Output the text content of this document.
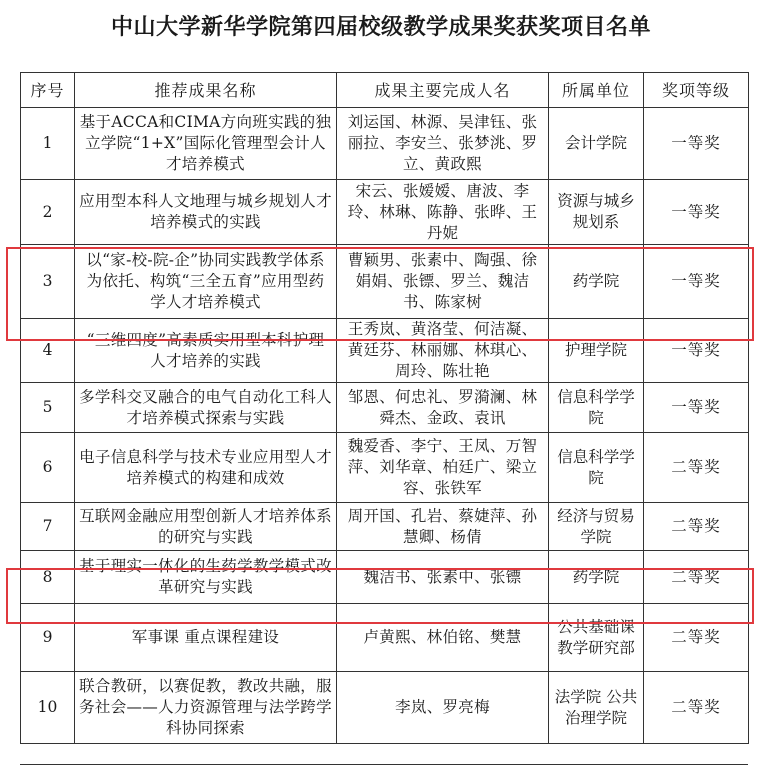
中山大学新华学院第四届校级教学成果奖获奖项目名单
序号	推荐成果名称	成果主要完成人名	所属单位	奖项等级
1	基于ACCA和CIMA方向班实践的独立学院“1+X”国际化管理型会计人才培养模式	刘运国、林源、吴津钰、张丽拉、李安兰、张梦洮、罗立、黄政熙	会计学院	一等奖
2	应用型本科人文地理与城乡规划人才培养模式的实践	宋云、张嫒嫒、唐波、李玲、林琳、陈静、张晔、王丹妮	资源与城乡规划系	一等奖
3	以“家-校-院-企”协同实践教学体系为依托、构筑“三全五育”应用型药学人才培养模式	曹颖男、张素中、陶强、徐娟娟、张镖、罗兰、魏洁书、陈家树	药学院	一等奖
4	“三维四度”高素质实用型本科护理人才培养的实践	王秀岚、黄洛莹、何洁凝、黄廷芬、林丽娜、林琪心、周玲、陈壮艳	护理学院	一等奖
5	多学科交叉融合的电气自动化工科人才培养模式探索与实践	邹恩、何忠礼、罗漪澜、林舜杰、金政、袁讯	信息科学学院	一等奖
6	电子信息科学与技术专业应用型人才培养模式的构建和成效	魏爱香、李宁、王凤、万智萍、刘华章、柏廷广、梁立容、张铁军	信息科学学院	二等奖
7	互联网金融应用型创新人才培养体系的研究与实践	周开国、孔岩、蔡婕萍、孙慧卿、杨倩	经济与贸易学院	二等奖
8	基于理实一体化的生药学教学模式改革研究与实践	魏洁书、张素中、张镖	药学院	二等奖
9	军事课 重点课程建设	卢黄熙、林伯铭、樊慧	公共基础课教学研究部	二等奖
10	联合教研，以赛促教，教改共融，服务社会——人力资源管理与法学跨学科协同探索	李岚、罗亮梅	法学院 公共治理学院	二等奖
